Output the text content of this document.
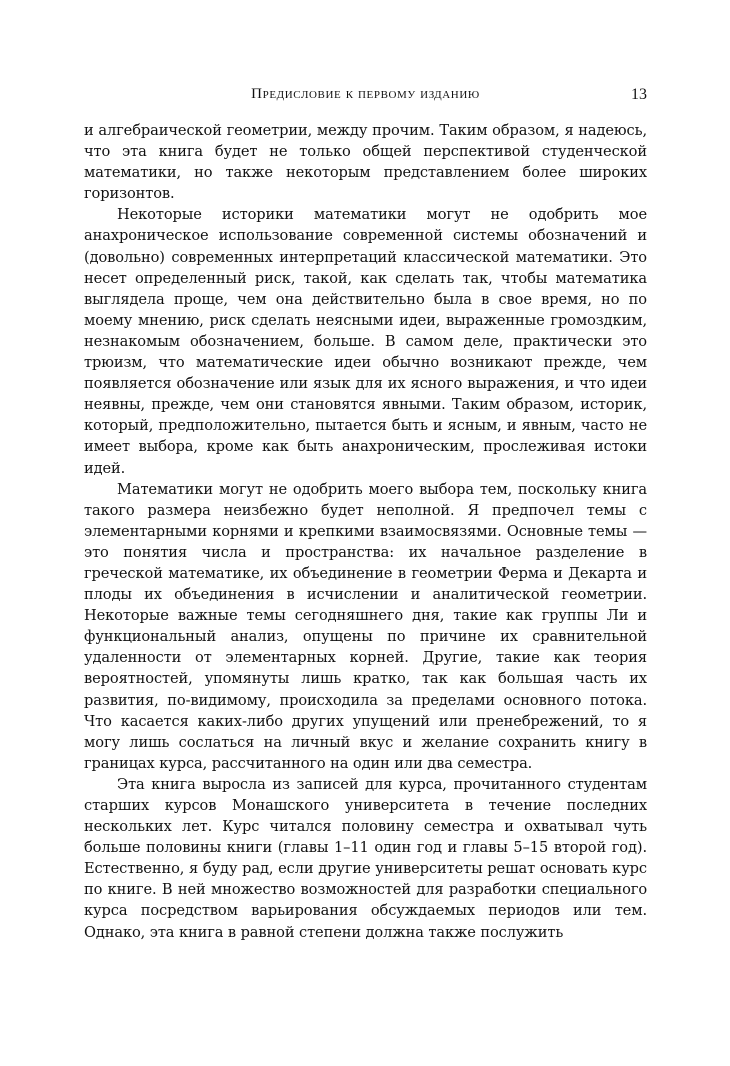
Предисловие к первому изданию	13

и алгебраической геометрии, между прочим. Таким образом, я надеюсь, что эта книга будет не только общей перспективой студенческой математики, но также некоторым представлением более широких горизонтов.

Некоторые историки математики могут не одобрить мое анахроническое использование современной системы обозначений и (довольно) современных интерпретаций классической математики. Это несет определенный риск, такой, как сделать так, чтобы математика выглядела проще, чем она действительно была в свое время, но по моему мнению, риск сделать неясными идеи, выраженные громоздким, незнакомым обозначением, больше. В самом деле, практически это трюизм, что математические идеи обычно возникают прежде, чем появляется обозначение или язык для их ясного выражения, и что идеи неявны, прежде, чем они становятся явными. Таким образом, историк, который, предположительно, пытается быть и ясным, и явным, часто не имеет выбора, кроме как быть анахроническим, прослеживая истоки идей.

Математики могут не одобрить моего выбора тем, поскольку книга такого размера неизбежно будет неполной. Я предпочел темы с элементарными корнями и крепкими взаимосвязями. Основные темы — это понятия числа и пространства: их начальное разделение в греческой математике, их объединение в геометрии Ферма и Декарта и плоды их объединения в исчислении и аналитической геометрии. Некоторые важные темы сегодняшнего дня, такие как группы Ли и функциональный анализ, опущены по причине их сравнительной удаленности от элементарных корней. Другие, такие как теория вероятностей, упомянуты лишь кратко, так как большая часть их развития, по-видимому, происходила за пределами основного потока. Что касается каких-либо других упущений или пренебрежений, то я могу лишь сослаться на личный вкус и желание сохранить книгу в границах курса, рассчитанного на один или два семестра.

Эта книга выросла из записей для курса, прочитанного студентам старших курсов Монашского университета в течение последних нескольких лет. Курс читался половину семестра и охватывал чуть больше половины книги (главы 1–11 один год и главы 5–15 второй год). Естественно, я буду рад, если другие университеты решат основать курс по книге. В ней множество возможностей для разработки специального курса посредством варьирования обсуждаемых периодов или тем. Однако, эта книга в равной степени должна также послужить
